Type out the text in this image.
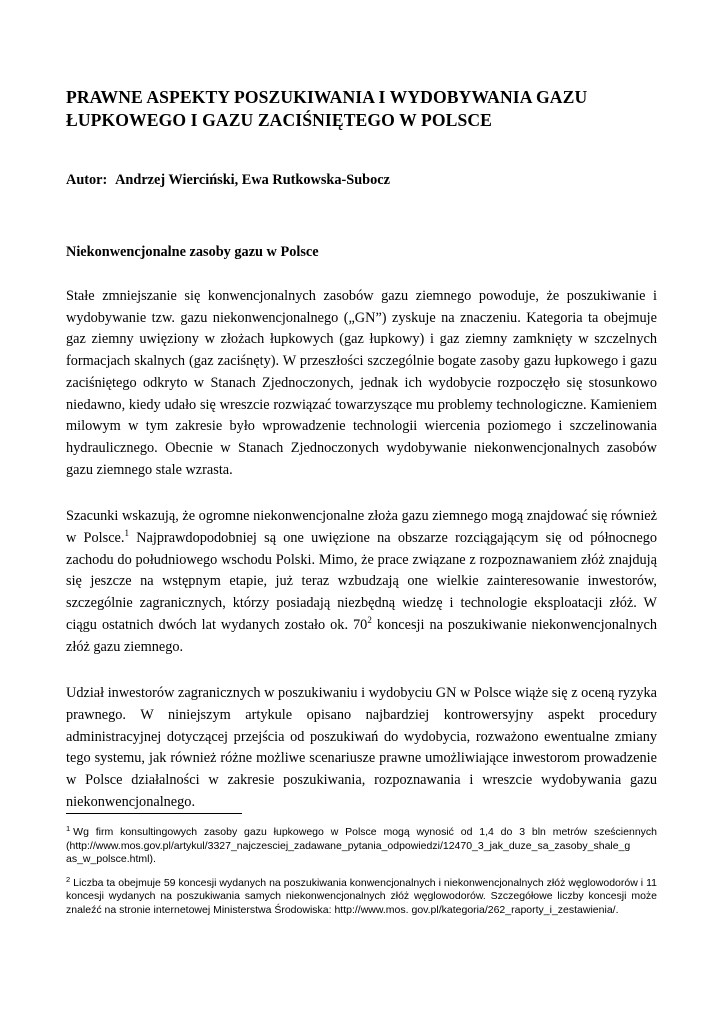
PRAWNE ASPEKTY POSZUKIWANIA I WYDOBYWANIA GAZU
ŁUPKOWEGO I GAZU ZACIŚNIĘTEGO W POLSCE

Autor: Andrzej Wierciński, Ewa Rutkowska-Subocz

Niekonwencjonalne zasoby gazu w Polsce

Stałe zmniejszanie się konwencjonalnych zasobów gazu ziemnego powoduje, że poszukiwanie i wydobywanie tzw. gazu niekonwencjonalnego („GN”) zyskuje na znaczeniu. Kategoria ta obejmuje gaz ziemny uwięziony w złożach łupkowych (gaz łupkowy) i gaz ziemny zamknięty w szczelnych formacjach skalnych (gaz zaciśnęty). W przeszłości szczególnie bogate zasoby gazu łupkowego i gazu zaciśniętego odkryto w Stanach Zjednoczonych, jednak ich wydobycie rozpoczęło się stosunkowo niedawno, kiedy udało się wreszcie rozwiązać towarzyszące mu problemy technologiczne. Kamieniem milowym w tym zakresie było wprowadzenie technologii wiercenia poziomego i szczelinowania hydraulicznego. Obecnie w Stanach Zjednoczonych wydobywanie niekonwencjonalnych zasobów gazu ziemnego stale wzrasta.

Szacunki wskazują, że ogromne niekonwencjonalne złoża gazu ziemnego mogą znajdować się również w Polsce.$^1$ Najprawdopodobniej są one uwięzione na obszarze rozciągającym się od północnego zachodu do południowego wschodu Polski. Mimo, że prace związane z rozpoznawaniem złóż znajdują się jeszcze na wstępnym etapie, już teraz wzbudzają one wielkie zainteresowanie inwestorów, szczególnie zagranicznych, którzy posiadają niezbędną wiedzę i technologie eksploatacji złóż. W ciągu ostatnich dwóch lat wydanych zostało ok. $70^2$ koncesji na poszukiwanie niekonwencjonalnych złóż gazu ziemnego.

Udział inwestorów zagranicznych w poszukiwaniu i wydobyciu GN w Polsce wiąże się z oceną ryzyka prawnego. W niniejszym artykule opisano najbardziej kontrowersyjny aspekt procedury administracyjnej dotyczącej przejścia od poszukiwań do wydobycia, rozważono ewentualne zmiany tego systemu, jak również różne możliwe scenariusze prawne umożliwiające inwestorom prowadzenie w Polsce działalności w zakresie poszukiwania, rozpoznawania i wreszcie wydobywania gazu niekonwencjonalnego.

$^1$ Wg firm konsultingowych zasoby gazu łupkowego w Polsce mogą wynosić od 1,4 do 3 bln metrów sześciennych (http://www.mos.gov.pl/artykul/3327_najczesciej_zadawane_pytania_odpowiedzi/12470_3_jak_duze_sa_zasoby_shale_g as_w_polsce.html).

$^2$ Liczba ta obejmuje 59 koncesji wydanych na poszukiwania konwencjonalnych i niekonwencjonalnych złóż węglowodorów i 11 koncesji wydanych na poszukiwania samych niekonwencjonalnych złóż węglowodorów. Szczegółowe liczby koncesji może znaleźć na stronie internetowej Ministerstwa Środowiska: http://www.mos. gov.pl/kategoria/262_raporty_i_zestawienia/.
